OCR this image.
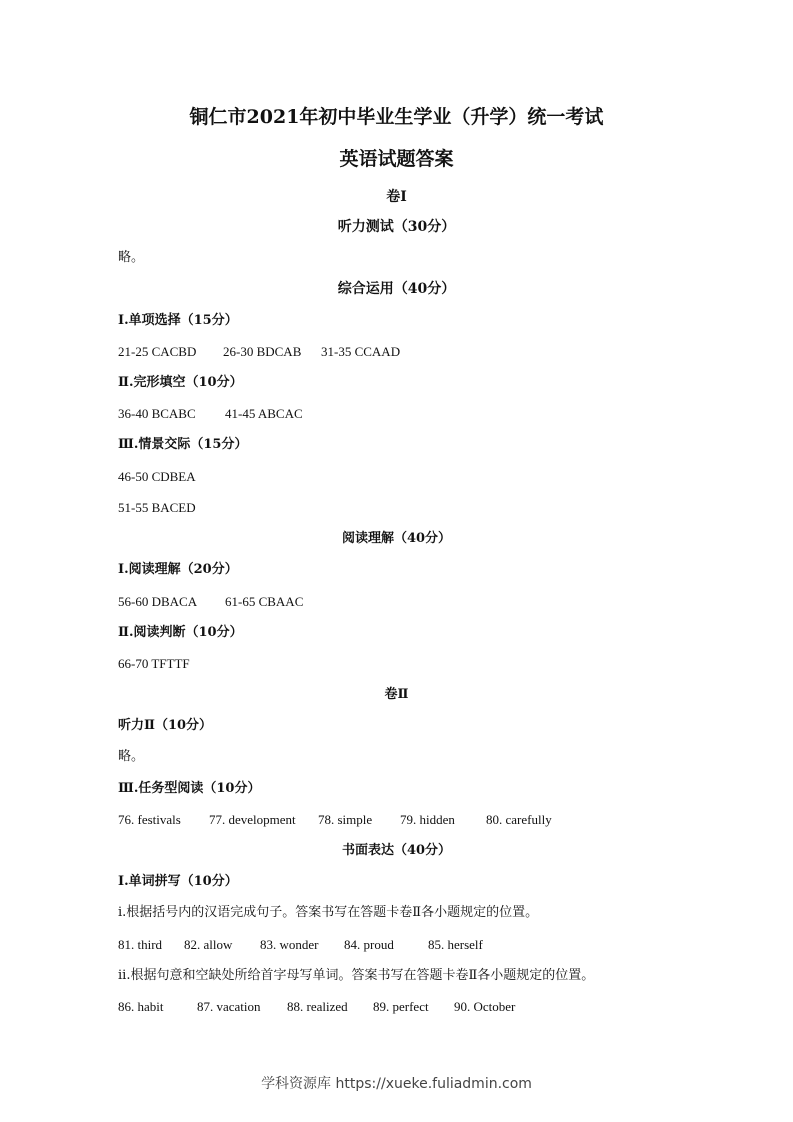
铜仁市2021年初中毕业生学业（升学）统一考试
英语试题答案
卷I
听力测试（30分）
略。
综合运用（40分）
Ⅰ.单项选择（15分）
21-25 CACBD 26-30 BDCAB 31-35 CCAAD
Ⅱ.完形填空（10分）
36-40 BCABC 41-45 ABCAC
Ⅲ.情景交际（15分）
46-50 CDBEA
51-55 BACED
阅读理解（40分）
Ⅰ.阅读理解（20分）
56-60 DBACA 61-65 CBAAC
Ⅱ.阅读判断（10分）
66-70 TFTTF
卷Ⅱ
听力Ⅱ（10分）
略。
Ⅲ.任务型阅读（10分）
76. festivals 77. development 78. simple 79. hidden 80. carefully
书面表达（40分）
Ⅰ.单词拼写（10分）
i.根据括号内的汉语完成句子。答案书写在答题卡卷Ⅱ各小题规定的位置。
81. third 82. allow 83. wonder 84. proud	85. herself
ii.根据句意和空缺处所给首字母写单词。答案书写在答题卡卷Ⅱ各小题规定的位置。
86. habit	87. vacation 88. realized 89. perfect 90. October
学科资源库 https://xueke.fuliadmin.com
